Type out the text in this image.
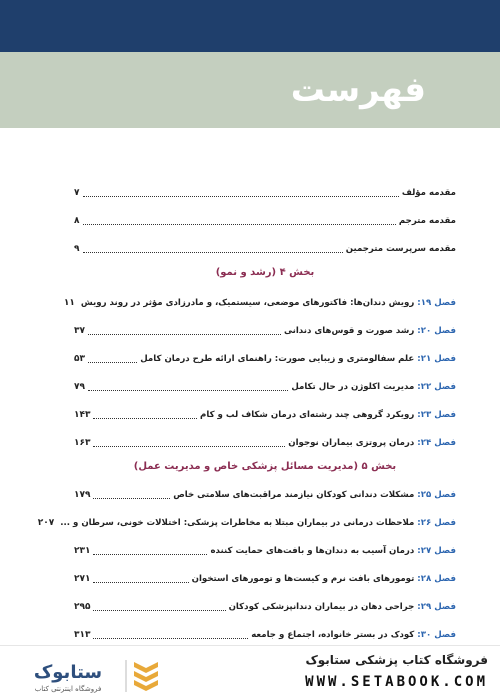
فهرست
مقدمه مؤلف
۷
مقدمه مترجم
۸
مقدمه سرپرست مترجمین
۹
بخش ۴ (رشد و نمو)
فصل ۱۹:رویش دندان‌ها: فاکتورهای موضعی، سیستمیک، و مادرزادی مؤثر در روند رویش
۱۱
فصل ۲۰:رشد صورت و قوس‌های دندانی
۳۷
فصل ۲۱:علم سفالومتری و زیبایی صورت: راهنمای ارائه طرح درمان کامل
۵۳
فصل ۲۲:مدیریت اکلوژن در حال تکامل
۷۹
فصل ۲۳:رویکرد گروهی چند رشته‌ای درمان شکاف لب و کام
۱۴۳
فصل ۲۴:درمان پروتزی بیماران نوجوان
۱۶۳
بخش ۵ (مدیریت مسائل پزشکی خاص و مدیریت عمل)
فصل ۲۵:مشکلات دندانی کودکان نیازمند مراقبت‌های سلامتی خاص
۱۷۹
فصل ۲۶:ملاحظات درمانی در بیماران مبتلا به مخاطرات پزشکی: اختلالات خونی، سرطان و ...
۲۰۷
فصل ۲۷:درمان آسیب به دندان‌ها و بافت‌های حمایت کننده
۲۳۱
فصل ۲۸:تومورهای بافت نرم و کیست‌ها و تومورهای استخوان
۲۷۱
فصل ۲۹:جراحی دهان در بیماران دندانپزشکی کودکان
۲۹۵
فصل ۳۰:کودک در بستر خانواده، اجتماع و جامعه
۳۱۳
ستابوک
فروشگاه اینترنتی کتاب
فروشگاه کتاب پزشکی ستابوک
WWW.SETABOOK.COM
